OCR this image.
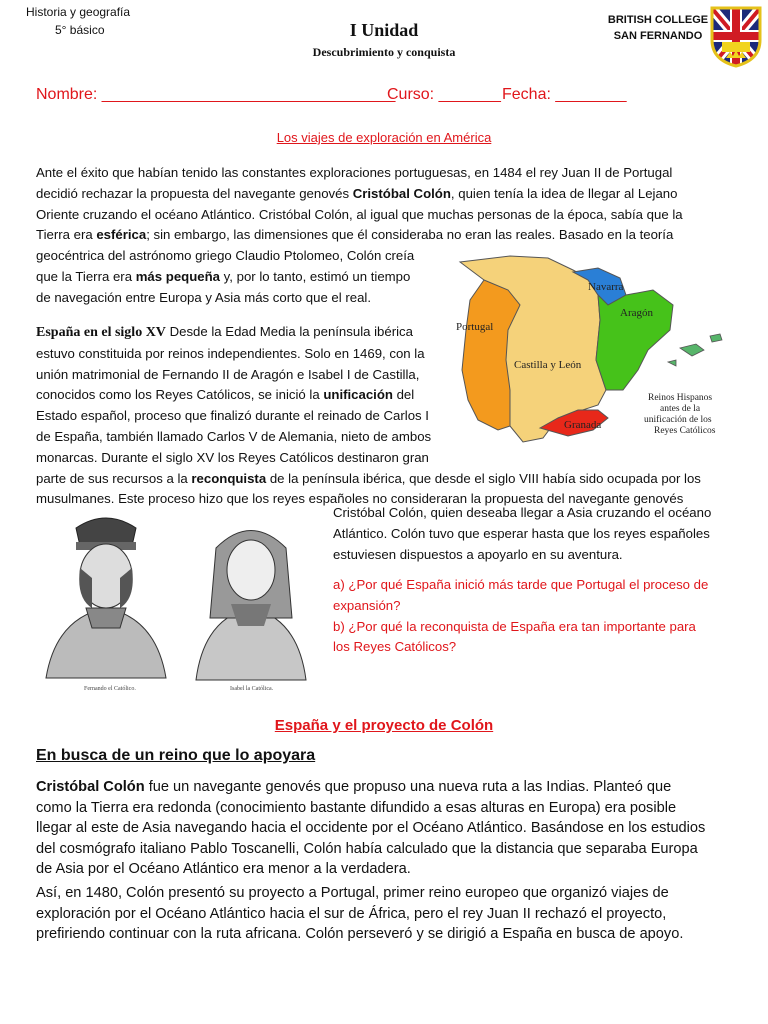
Historia y geografía
5° básico	I Unidad
Descubrimiento y conquista
BRITISH COLLEGE
SAN FERNANDO
Nombre: _________________________________
Curso: _______ Fecha: ________
Los viajes de exploración en América
Ante el éxito que habían tenido las constantes exploraciones portuguesas, en 1484 el rey Juan II de Portugal
decidió rechazar la propuesta del navegante genovés Cristóbal Colón, quien tenía la idea de llegar al Lejano
Oriente cruzando el océano Atlántico. Cristóbal Colón, al igual que muchas personas de la época, sabía que la
Tierra era esférica; sin embargo, las dimensiones que él consideraba no eran las reales. Basado en la teoría
geocéntrica del astrónomo griego Claudio Ptolomeo, Colón creía
que la Tierra era más pequeña y, por lo tanto, estimó un tiempo
de navegación entre Europa y Asia más corto que el real.
España en el siglo XV Desde la Edad Media la península ibérica
estuvo constituida por reinos independientes. Solo en 1469, con la
unión matrimonial de Fernando II de Aragón e Isabel I de Castilla,
conocidos como los Reyes Católicos, se inició la unificación del
Estado español, proceso que finalizó durante el reinado de Carlos I
de España, también llamado Carlos V de Alemania, nieto de ambos
monarcas. Durante el siglo XV los Reyes Católicos destinaron gran
parte de sus recursos a la reconquista de la península ibérica, que desde el siglo VIII había sido ocupada por los
musulmanes. Este proceso hizo que los reyes españoles no consideraran la propuesta del navegante genovés
Cristóbal Colón, quien deseaba llegar a Asia cruzando el océano
Atlántico. Colón tuvo que esperar hasta que los reyes españoles
estuviesen dispuestos a apoyarlo en su aventura.
a) ¿Por qué España inició más tarde que Portugal el proceso de
expansión?
b) ¿Por qué la reconquista de España era tan importante para
los Reyes Católicos?
Portugal
Castilla y León
Navarra
Aragón
Granada
Reinos Hispanos
antes de la
unificación de los
Reyes Católicos
Fernando el Católico.	Isabel la Católica.
España y el proyecto de Colón
En busca de un reino que lo apoyara
Cristóbal Colón fue un navegante genovés que propuso una nueva ruta a las Indias. Planteó que
como la Tierra era redonda (conocimiento bastante difundido a esas alturas en Europa) era posible
llegar al este de Asia navegando hacia el occidente por el Océano Atlántico. Basándose en los estudios
del cosmógrafo italiano Pablo Toscanelli, Colón había calculado que la distancia que separaba Europa
de Asia por el Océano Atlántico era menor a la verdadera.
Así, en 1480, Colón presentó su proyecto a Portugal, primer reino europeo que organizó viajes de
exploración por el Océano Atlántico hacia el sur de África, pero el rey Juan II rechazó el proyecto,
prefiriendo continuar con la ruta africana. Colón perseveró y se dirigió a España en busca de apoyo.
